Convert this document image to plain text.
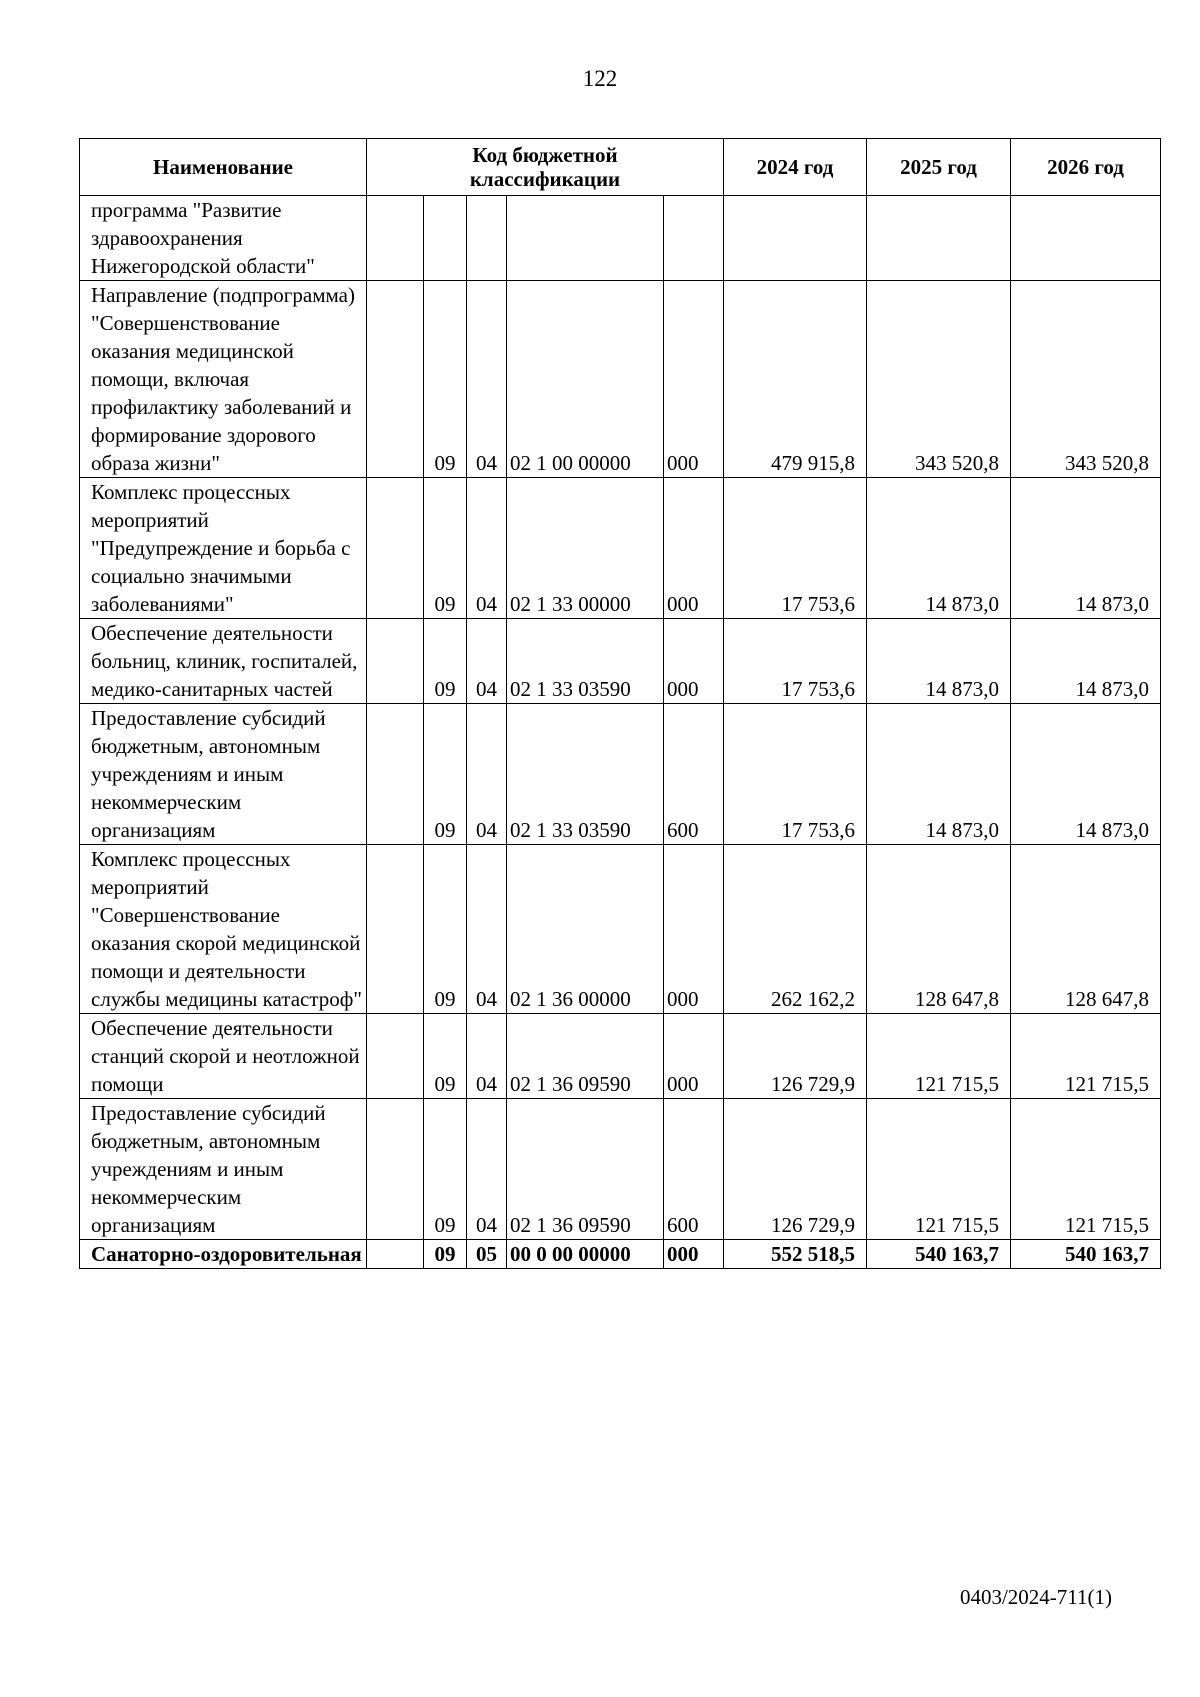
122
Наименование	Код бюджетной классификации					2024 год	2025 год	2026 год
программа "Развитие здравоохранения Нижегородской области"								
Направление (подпрограмма) "Совершенствование оказания медицинской помощи, включая профилактику заболеваний и формирование здорового образа жизни"		09	04	02 1 00 00000	000	479 915,8	343 520,8	343 520,8
Комплекс процессных мероприятий "Предупреждение и борьба с социально значимыми заболеваниями"		09	04	02 1 33 00000	000	17 753,6	14 873,0	14 873,0
Обеспечение деятельности больниц, клиник, госпиталей, медико-санитарных частей		09	04	02 1 33 03590	000	17 753,6	14 873,0	14 873,0
Предоставление субсидий бюджетным, автономным учреждениям и иным некоммерческим организациям		09	04	02 1 33 03590	600	17 753,6	14 873,0	14 873,0
Комплекс процессных мероприятий "Совершенствование оказания скорой медицинской помощи и деятельности службы медицины катастроф"		09	04	02 1 36 00000	000	262 162,2	128 647,8	128 647,8
Обеспечение деятельности станций скорой и неотложной помощи		09	04	02 1 36 09590	000	126 729,9	121 715,5	121 715,5
Предоставление субсидий бюджетным, автономным учреждениям и иным некоммерческим организациям		09	04	02 1 36 09590	600	126 729,9	121 715,5	121 715,5
Санаторно-оздоровительная		09	05	00 0 00 00000	000	552 518,5	540 163,7	540 163,7
0403/2024-711(1)
